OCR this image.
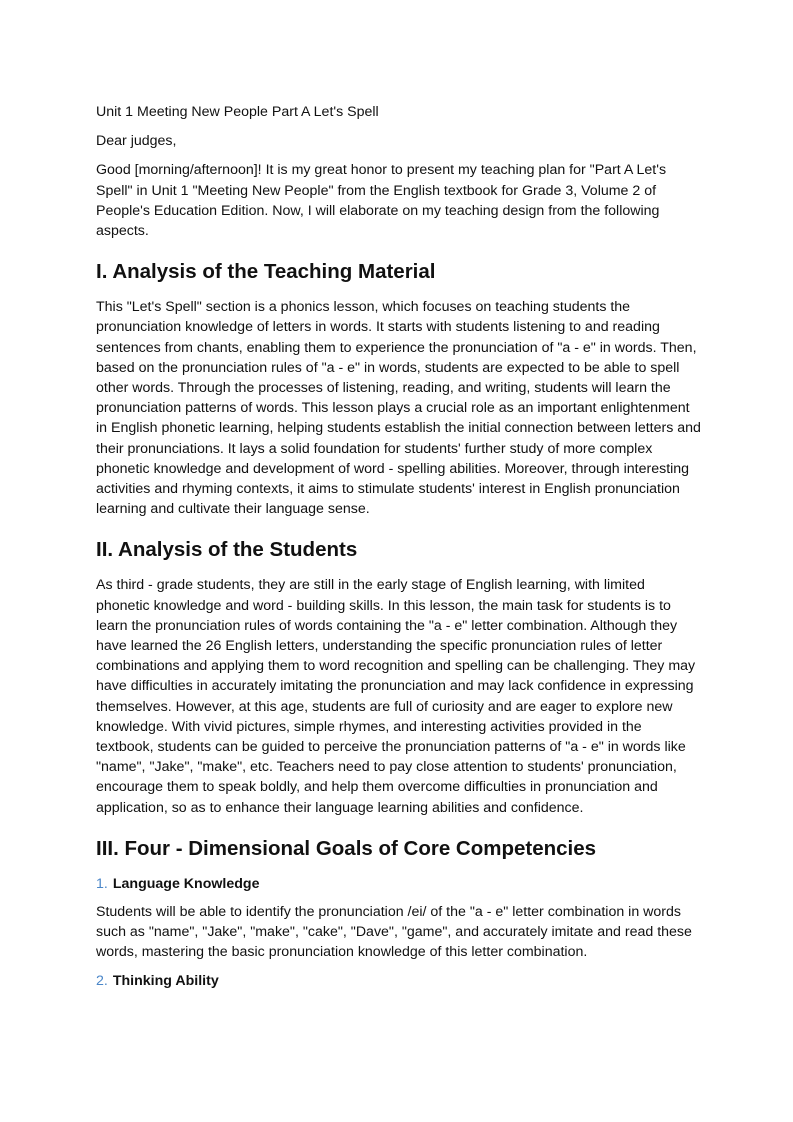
Unit 1 Meeting New People Part A Let's Spell

Dear judges,

Good [morning/afternoon]! It is my great honor to present my teaching plan for "Part A Let's Spell" in Unit 1 "Meeting New People" from the English textbook for Grade 3, Volume 2 of People's Education Edition. Now, I will elaborate on my teaching design from the following aspects.

I. Analysis of the Teaching Material

This "Let's Spell" section is a phonics lesson, which focuses on teaching students the pronunciation knowledge of letters in words. It starts with students listening to and reading sentences from chants, enabling them to experience the pronunciation of "a - e" in words. Then, based on the pronunciation rules of "a - e" in words, students are expected to be able to spell other words. Through the processes of listening, reading, and writing, students will learn the pronunciation patterns of words. This lesson plays a crucial role as an important enlightenment in English phonetic learning, helping students establish the initial connection between letters and their pronunciations. It lays a solid foundation for students' further study of more complex phonetic knowledge and development of word - spelling abilities. Moreover, through interesting activities and rhyming contexts, it aims to stimulate students' interest in English pronunciation learning and cultivate their language sense.

II. Analysis of the Students

As third - grade students, they are still in the early stage of English learning, with limited phonetic knowledge and word - building skills. In this lesson, the main task for students is to learn the pronunciation rules of words containing the "a - e" letter combination. Although they have learned the 26 English letters, understanding the specific pronunciation rules of letter combinations and applying them to word recognition and spelling can be challenging. They may have difficulties in accurately imitating the pronunciation and may lack confidence in expressing themselves. However, at this age, students are full of curiosity and are eager to explore new knowledge. With vivid pictures, simple rhymes, and interesting activities provided in the textbook, students can be guided to perceive the pronunciation patterns of "a - e" in words like "name", "Jake", "make", etc. Teachers need to pay close attention to students' pronunciation, encourage them to speak boldly, and help them overcome difficulties in pronunciation and application, so as to enhance their language learning abilities and confidence.

III. Four - Dimensional Goals of Core Competencies
1. Language Knowledge

Students will be able to identify the pronunciation /ei/ of the "a - e" letter combination in words such as "name", "Jake", "make", "cake", "Dave", "game", and accurately imitate and read these words, mastering the basic pronunciation knowledge of this letter combination.

2. Thinking Ability
